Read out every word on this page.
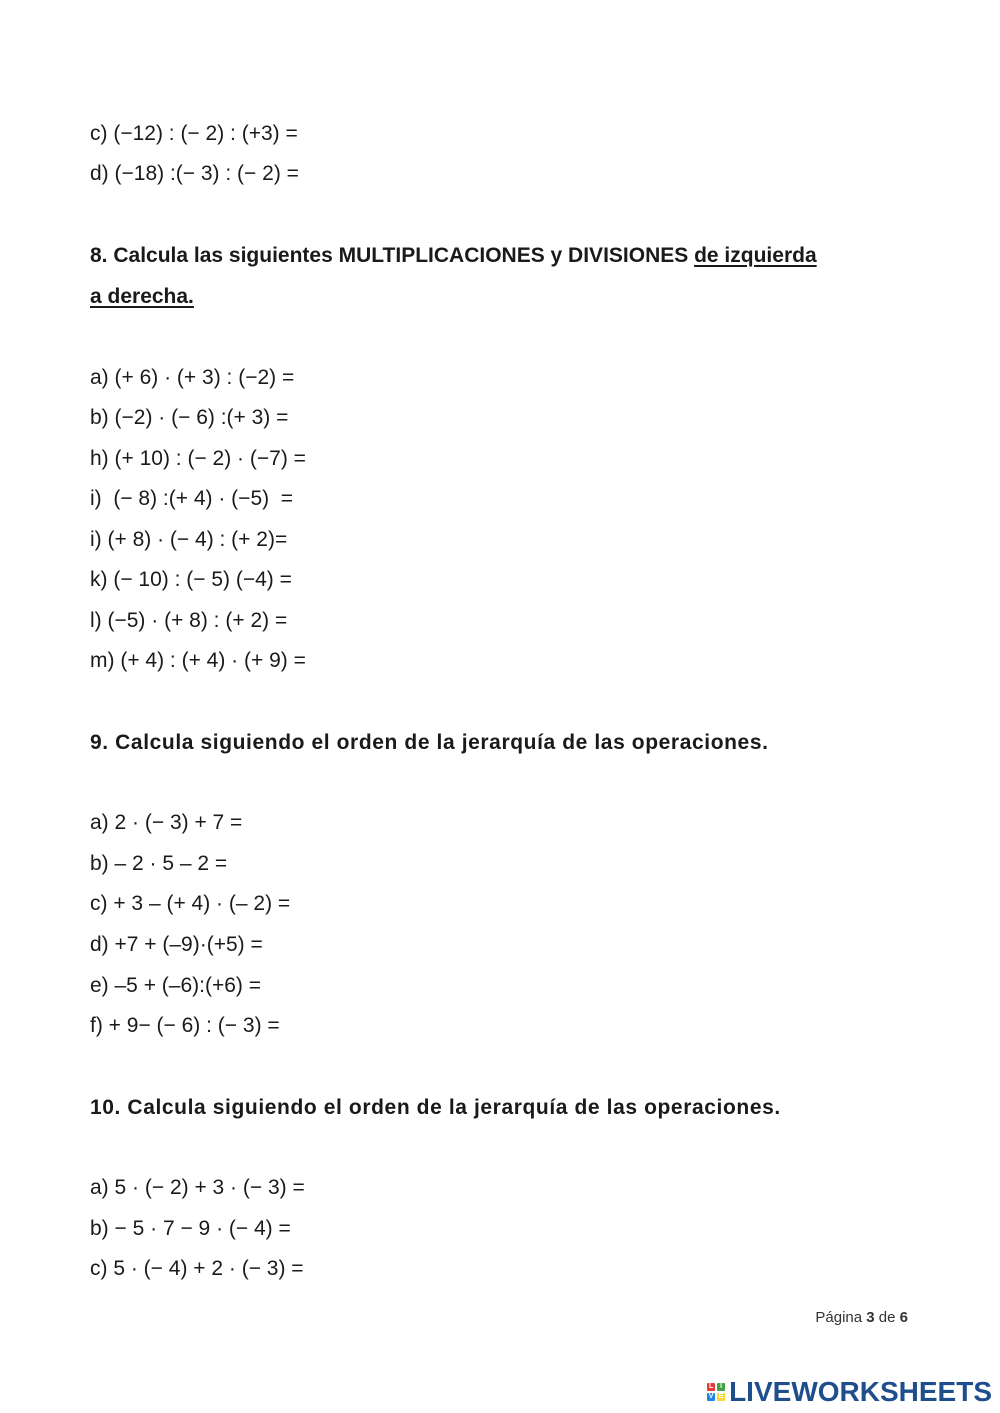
c) (−12) : (− 2) : (+3) =
d) (−18) :(− 3) : (− 2) =
8. Calcula las siguientes MULTIPLICACIONES y DIVISIONES de izquierda
a derecha.
a) (+ 6) · (+ 3) : (−2) =
b) (−2) · (− 6) :(+ 3) =
h) (+ 10) : (− 2) · (−7) =
i)  (− 8) :(+ 4) · (−5)  =
i) (+ 8) · (− 4) : (+ 2)=
k) (− 10) : (− 5) (−4) =
l) (−5) · (+ 8) : (+ 2) =
m) (+ 4) : (+ 4) · (+ 9) =
9. Calcula siguiendo el orden de la jerarquía de las operaciones.
a) 2 · (− 3) + 7 =
b) – 2 · 5 – 2 =
c) + 3 – (+ 4) · (– 2) =
d) +7 + (–9)·(+5) =
e) –5 + (–6):(+6) =
f) + 9− (− 6) : (− 3) =
10. Calcula siguiendo el orden de la jerarquía de las operaciones.
a) 5 · (− 2) + 3 · (− 3) =
b) − 5 · 7 − 9 · (− 4) =
c) 5 · (− 4) + 2 · (− 3) =
Página 3 de 6
L I
V E LIVEWORKSHEETS
